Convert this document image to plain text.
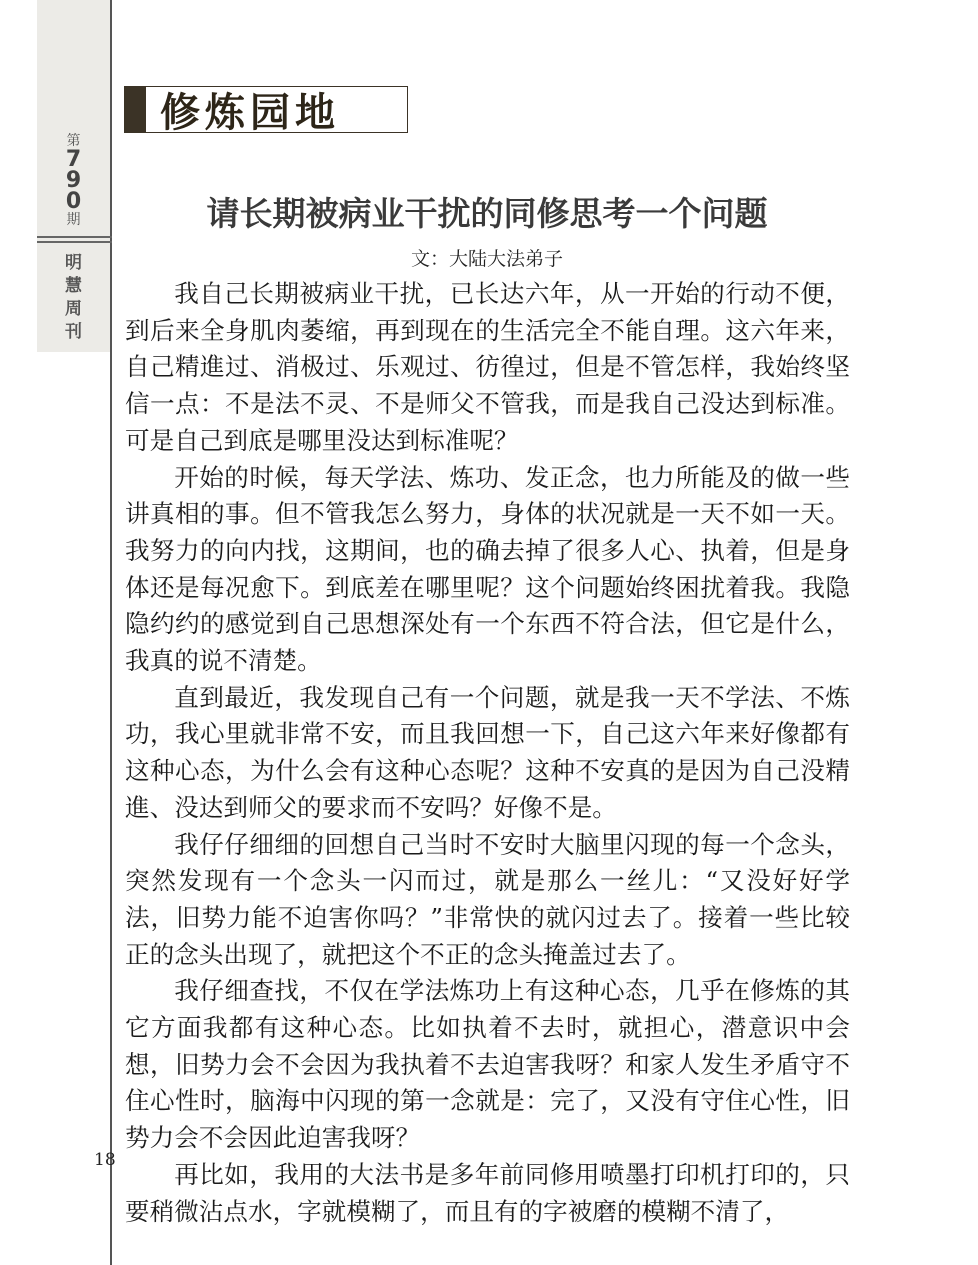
第
7
9
0
期
明
慧
周
刊
修炼园地
请长期被病业干扰的同修思考一个问题
文：大陆大法弟子

我自己长期被病业干扰，已长达六年，从一开始的行动不便，到后来全身肌肉萎缩，再到现在的生活完全不能自理。这六年来，自己精進过、消极过、乐观过、彷徨过，但是不管怎样，我始终坚信一点：不是法不灵、不是师父不管我，而是我自己没达到标准。可是自己到底是哪里没达到标准呢？

开始的时候，每天学法、炼功、发正念，也力所能及的做一些讲真相的事。但不管我怎么努力，身体的状况就是一天不如一天。我努力的向内找，这期间，也的确去掉了很多人心、执着，但是身体还是每况愈下。到底差在哪里呢？这个问题始终困扰着我。我隐隐约约的感觉到自己思想深处有一个东西不符合法，但它是什么，我真的说不清楚。

直到最近，我发现自己有一个问题，就是我一天不学法、不炼功，我心里就非常不安，而且我回想一下，自己这六年来好像都有这种心态，为什么会有这种心态呢？这种不安真的是因为自己没精進、没达到师父的要求而不安吗？好像不是。

我仔仔细细的回想自己当时不安时大脑里闪现的每一个念头，突然发现有一个念头一闪而过，就是那么一丝儿：“又没好好学法，旧势力能不迫害你吗？”非常快的就闪过去了。接着一些比较正的念头出现了，就把这个不正的念头掩盖过去了。

我仔细查找，不仅在学法炼功上有这种心态，几乎在修炼的其它方面我都有这种心态。比如执着不去时，就担心，潜意识中会想，旧势力会不会因为我执着不去迫害我呀？和家人发生矛盾守不住心性时，脑海中闪现的第一念就是：完了，又没有守住心性，旧势力会不会因此迫害我呀？

再比如，我用的大法书是多年前同修用喷墨打印机打印的，只要稍微沾点水，字就模糊了，而且有的字被磨的模糊不清了，

18
